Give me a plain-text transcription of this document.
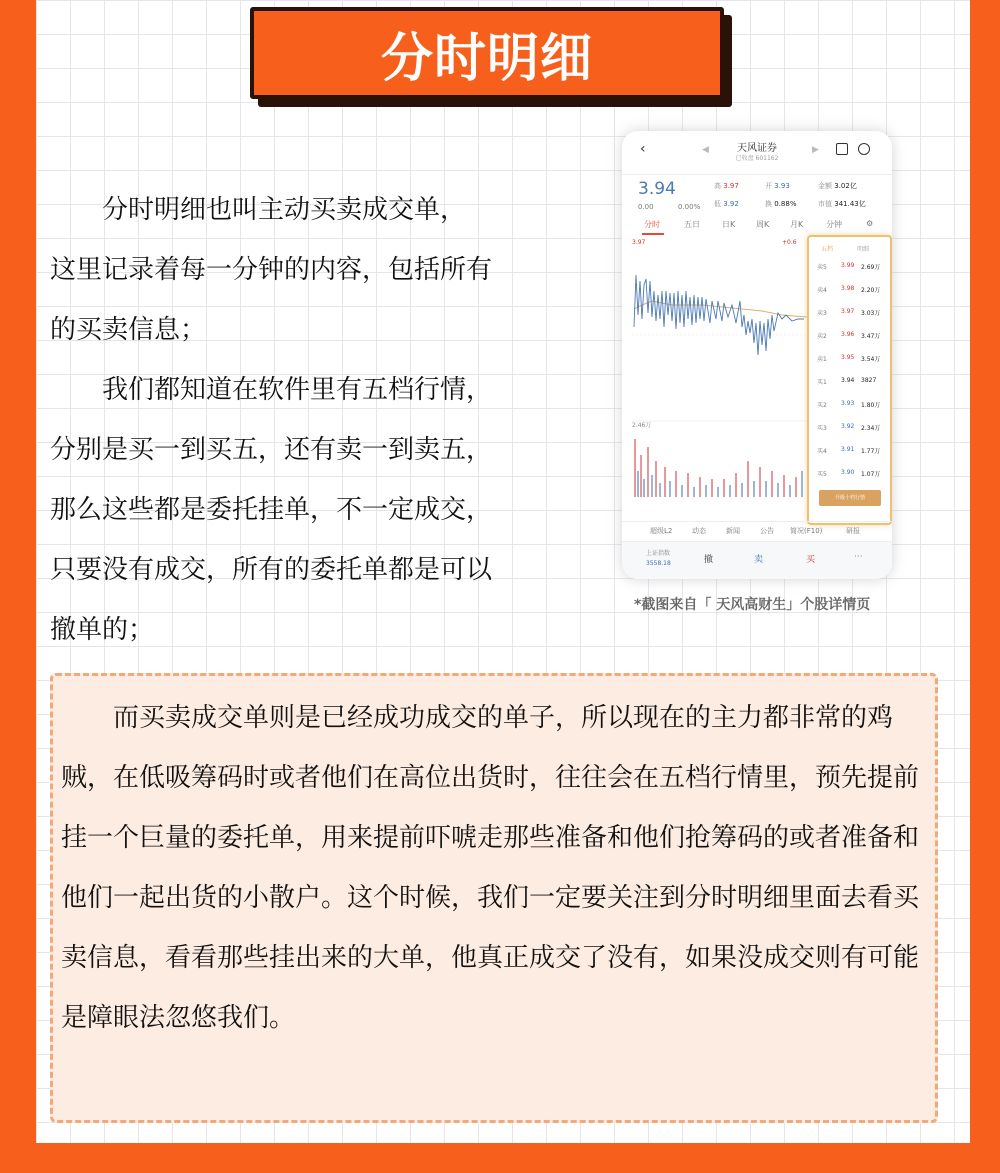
分时明细

分时明细也叫主动买卖成交单，

这里记录着每一分钟的内容，包括所有

的买卖信息；

我们都知道在软件里有五档行情，

分别是买一到买五，还有卖一到卖五，

那么这些都是委托挂单，不一定成交，

只要没有成交，所有的委托单都是可以

撤单的；

‹	◀	天风证券
已收盘 601162
▶
3.94
0.00	0.00%
高 3.97	开 3.93	金额 3.02亿
低 3.92	换 0.88%	市值 341.43亿
分时	五日	日K	周K	月K	分钟	⚙
3.97	+0.6
2.46万
五档	明细
卖5 3.99 2.69万
卖4 3.98 2.20万
卖3 3.97 3.03万
卖2 3.96 3.47万
卖1 3.95 3.54万
买1 3.94 3827
买2 3.93 1.80万
买3 3.92 2.34万
买4 3.91 1.77万
买5 3.90 1.07万
升级十档行情
超级L2	动态	新闻	公告 简况(F10)	研报
上证指数
3558.18	撤	卖	买	···
*截图来自「 天风高财生」个股详情页

而买卖成交单则是已经成功成交的单子，所以现在的主力都非常的鸡贼，在低吸筹码时或者他们在高位出货时，往往会在五档行情里，预先提前挂一个巨量的委托单，用来提前吓唬走那些准备和他们抢筹码的或者准备和他们一起出货的小散户。这个时候，我们一定要关注到分时明细里面去看买卖信息，看看那些挂出来的大单，他真正成交了没有，如果没成交则有可能是障眼法忽悠我们。
